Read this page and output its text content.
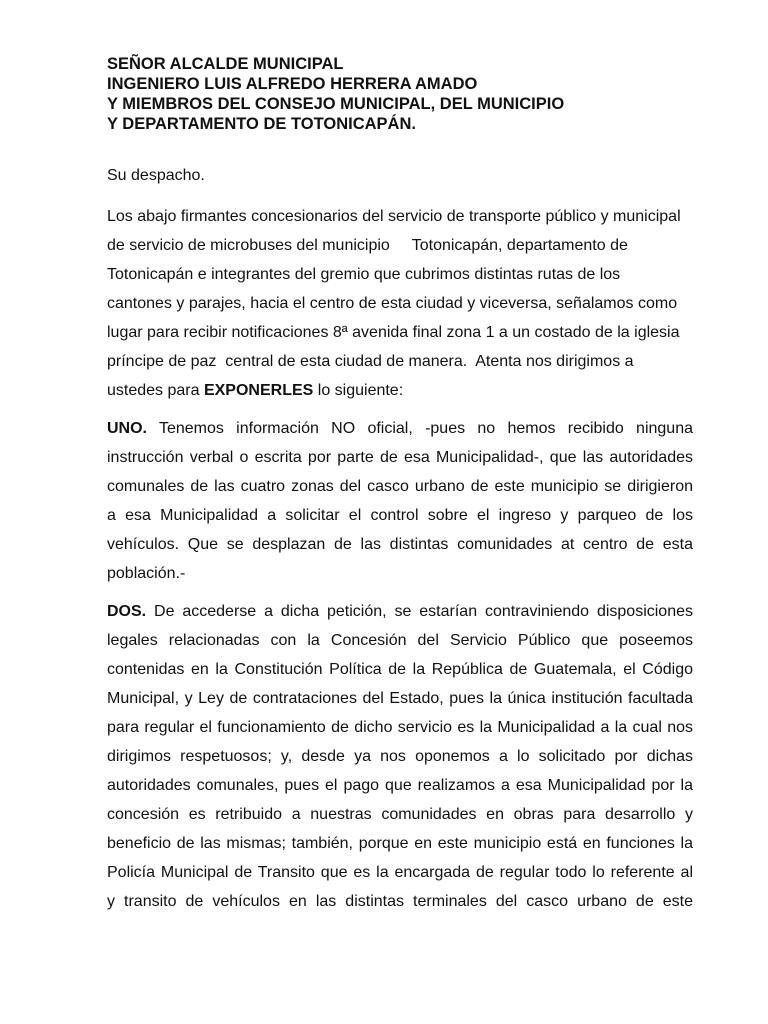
SEÑOR ALCALDE MUNICIPAL

INGENIERO LUIS ALFREDO HERRERA AMADO

Y MIEMBROS DEL CONSEJO MUNICIPAL, DEL MUNICIPIO

Y DEPARTAMENTO DE TOTONICAPÁN.

Su despacho.

Los abajo firmantes concesionarios del servicio de transporte público y municipal
de servicio de microbuses del municipio     Totonicapán, departamento de
Totonicapán e integrantes del gremio que cubrimos distintas rutas de los
cantones y parajes, hacia el centro de esta ciudad y viceversa, señalamos como
lugar para recibir notificaciones 8ª avenida final zona 1 a un costado de la iglesia
príncipe de paz  central de esta ciudad de manera.  Atenta nos dirigimos a
ustedes para EXPONERLES lo siguiente:

UNO. Tenemos información NO oficial, -pues no hemos recibido ninguna
instrucción verbal o escrita por parte de esa Municipalidad-, que las autoridades
comunales de las cuatro zonas del casco urbano de este municipio se dirigieron
a esa Municipalidad a solicitar el control sobre el ingreso y parqueo de los
vehículos. Que se desplazan de las distintas comunidades at centro de esta
población.-

DOS. De accederse a dicha petición, se estarían contraviniendo disposiciones
legales relacionadas con la Concesión del Servicio Público que poseemos
contenidas en la Constitución Política de la República de Guatemala, el Código
Municipal, y Ley de contrataciones del Estado, pues la única institución facultada
para regular el funcionamiento de dicho servicio es la Municipalidad a la cual nos
dirigimos respetuosos; y, desde ya nos oponemos a lo solicitado por dichas
autoridades comunales, pues el pago que realizamos a esa Municipalidad por la
concesión es retribuido a nuestras comunidades en obras para desarrollo y
beneficio de las mismas; también, porque en este municipio está en funciones la
Policía Municipal de Transito que es la encargada de regular todo lo referente al
y transito de vehículos en las distintas terminales del casco urbano de este
